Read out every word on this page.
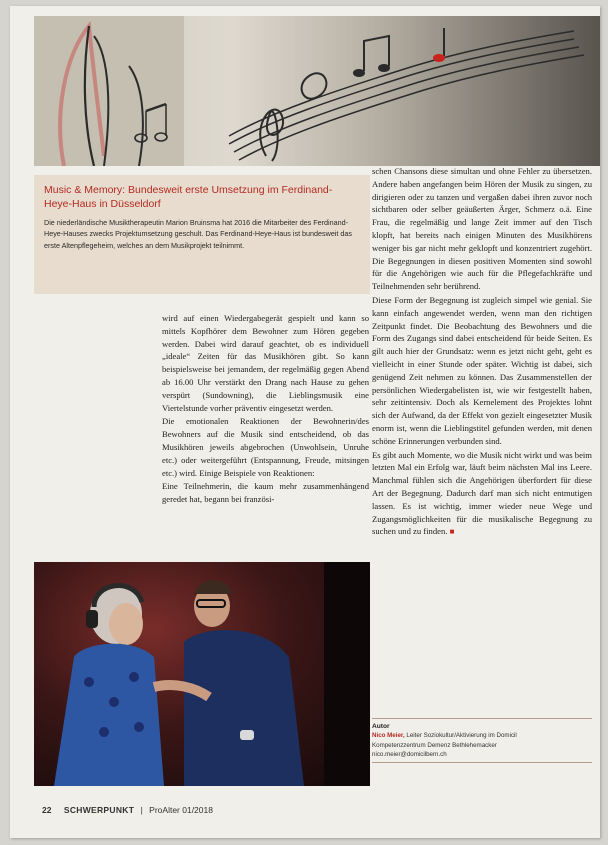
Music & Memory: Bundesweit erste Umsetzung im Ferdinand-Heye-Haus in Düsseldorf

Die niederländische Musiktherapeutin Marion Bruinsma hat 2016 die Mitarbeiter des Ferdinand-Heye-Hauses zwecks Projektumsetzung geschult. Das Ferdinand-Heye-Haus ist bundesweit das erste Altenpflegeheim, welches an dem Musikprojekt teilnimmt.

wird auf einen Wiedergabegerät gespielt und kann so mittels Kopfhörer dem Bewohner zum Hören gegeben werden. Dabei wird darauf geachtet, ob es individuell „ideale“ Zeiten für das Musikhören gibt. So kann beispielsweise bei jemandem, der regelmäßig gegen Abend ab 16.00 Uhr verstärkt den Drang nach Hause zu gehen verspürt (Sundowning), die Lieblingsmusik eine Viertelstunde vorher präventiv eingesetzt werden.

Die emotionalen Reaktionen der Bewohnerin/des Bewohners auf die Musik sind entscheidend, ob das Musikhören jeweils abgebrochen (Unwohlsein, Unruhe etc.) oder weitergeführt (Entspannung, Freude, mitsingen etc.) wird. Einige Beispiele von Reaktionen:

Eine Teilnehmerin, die kaum mehr zusammenhängend geredet hat, begann bei französi-

schen Chansons diese simultan und ohne Fehler zu übersetzen. Andere haben angefangen beim Hören der Musik zu singen, zu dirigieren oder zu tanzen und vergaßen dabei ihren zuvor noch sichtbaren oder selber geäußerten Ärger, Schmerz o.ä. Eine Frau, die regelmäßig und lange Zeit immer auf den Tisch klopft, hat bereits nach einigen Minuten des Musikhörens weniger bis gar nicht mehr geklopft und konzentriert zugehört. Die Begegnungen in diesen positiven Momenten sind sowohl für die Angehörigen wie auch für die Pflegefachkräfte und Teilnehmenden sehr berührend.

Diese Form der Begegnung ist zugleich simpel wie genial. Sie kann einfach angewendet werden, wenn man den richtigen Zeitpunkt findet. Die Beobachtung des Bewohners und die Form des Zugangs sind dabei entscheidend für beide Seiten. Es gilt auch hier der Grundsatz: wenn es jetzt nicht geht, geht es vielleicht in einer Stunde oder später. Wichtig ist dabei, sich genügend Zeit nehmen zu können. Das Zusammenstellen der persönlichen Wiedergabelisten ist, wie wir festgestellt haben, sehr zeitintensiv. Doch als Kernelement des Projektes lohnt sich der Aufwand, da der Effekt von gezielt eingesetzter Musik enorm ist, wenn die Lieblingstitel gefunden werden, mit denen schöne Erinnerungen verbunden sind.

Es gibt auch Momente, wo die Musik nicht wirkt und was beim letzten Mal ein Erfolg war, läuft beim nächsten Mal ins Leere. Manchmal fühlen sich die Angehörigen überfordert für diese Art der Begegnung. Dadurch darf man sich nicht entmutigen lassen. Es ist wichtig, immer wieder neue Wege und Zugangsmöglichkeiten für die musikalische Begegnung zu suchen und zu finden. ■

Autor
Nico Meier, Leiter Soziokultur/Aktivierung im Domicil
Kompetenzzentrum Demenz Bethlehemacker
nico.meier@domicilbern.ch
22 SCHWERPUNKT | ProAlter 01/2018
